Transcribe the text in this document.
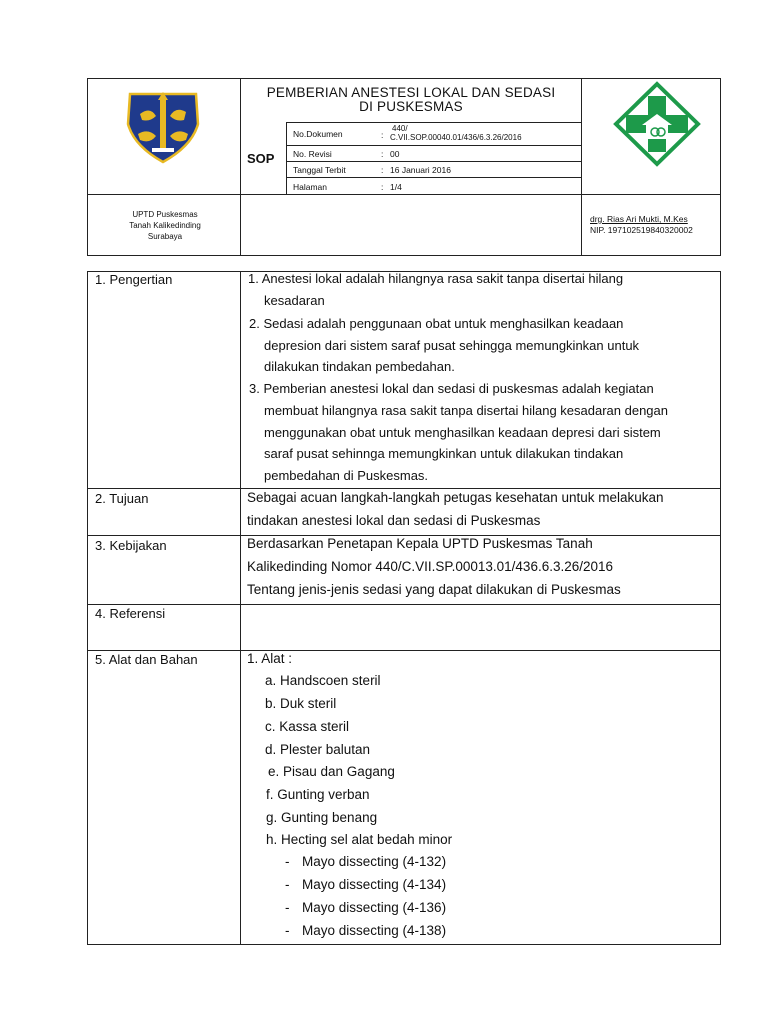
PEMBERIAN ANESTESI LOKAL DAN SEDASI
DI PUSKESMAS
SOP
No.Dokumen	:
440/
C.VII.SOP.00040.01/436/6.3.26/2016
No. Revisi	: 00
Tanggal Terbit	: 16 Januari 2016
Halaman	: 1/4
UPTD Puskesmas
Tanah Kalikedinding
Surabaya
drg. Rias Ari Mukti, M.Kes
NIP. 197102519840320002
1. Pengertian	1. Anestesi lokal adalah hilangnya rasa sakit tanpa disertai hilang
kesadaran
2. Sedasi adalah penggunaan obat untuk menghasilkan keadaan
depresion dari sistem saraf pusat sehingga memungkinkan untuk
dilakukan tindakan pembedahan.
3. Pemberian anestesi lokal dan sedasi di puskesmas adalah kegiatan
membuat hilangnya rasa sakit tanpa disertai hilang kesadaran dengan
menggunakan obat untuk menghasilkan keadaan depresi dari sistem
saraf pusat sehinnga memungkinkan untuk dilakukan tindakan
pembedahan di Puskesmas.
2. Tujuan	Sebagai acuan langkah-langkah petugas kesehatan untuk melakukan
tindakan anestesi lokal dan sedasi di Puskesmas
3. Kebijakan	Berdasarkan Penetapan Kepala UPTD Puskesmas Tanah
Kalikedinding Nomor 440/C.VII.SP.00013.01/436.6.3.26/2016
Tentang jenis-jenis sedasi yang dapat dilakukan di Puskesmas
4. Referensi
5. Alat dan Bahan	1. Alat :
a. Handscoen steril
b. Duk steril
c. Kassa steril
d. Plester balutan
e. Pisau dan Gagang
f. Gunting verban
g. Gunting benang
h. Hecting sel alat bedah minor
- Mayo dissecting (4-132)
- Mayo dissecting (4-134)
- Mayo dissecting (4-136)
- Mayo dissecting (4-138)
